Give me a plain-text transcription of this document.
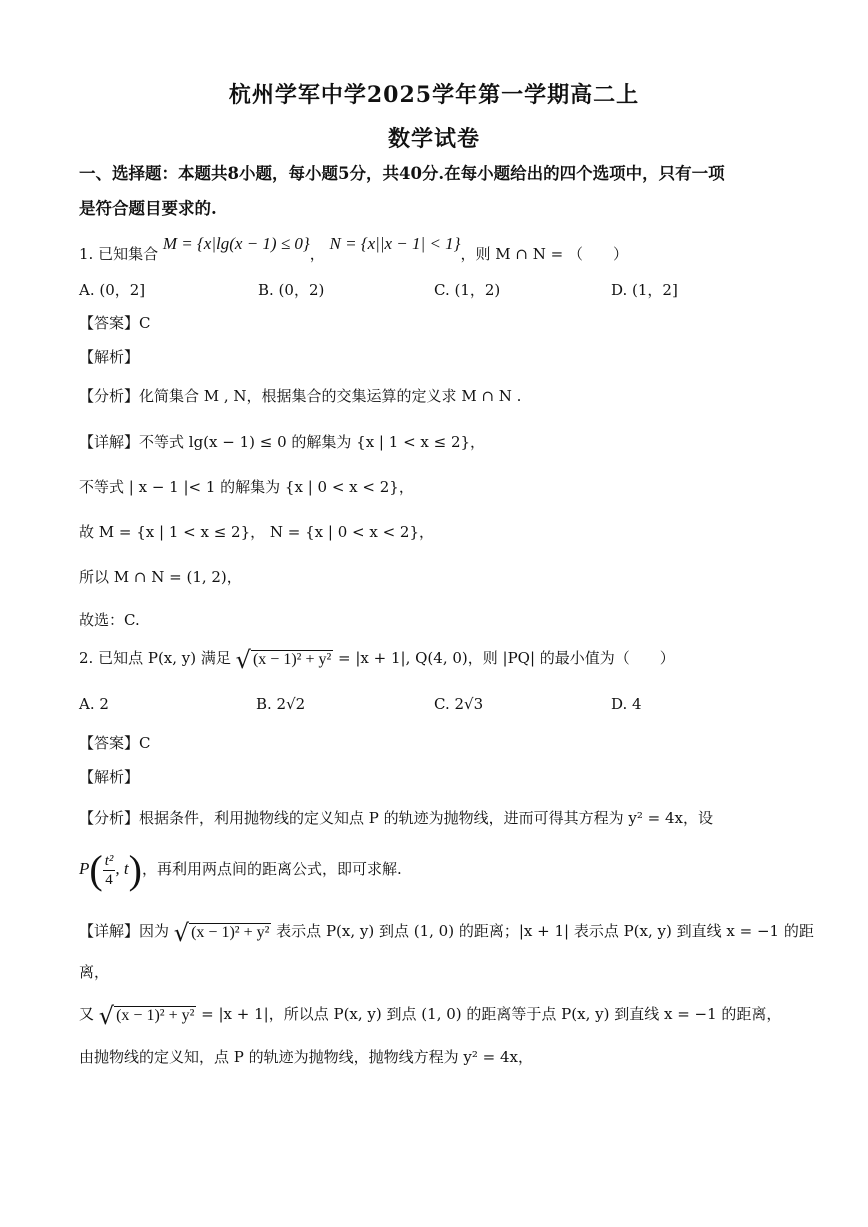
杭州学军中学2025学年第一学期高二上
数学试卷
一、选择题：本题共8小题，每小题5分，共40分.在每小题给出的四个选项中，只有一项
是符合题目要求的.
1. 已知集合 M = {x|lg(x − 1) ≤ 0}， N = {x||x − 1| < 1}，则 M ∩ N = （　　）
A. (0，2]	B. (0，2)	C. (1，2)	D. (1，2]
【答案】C
【解析】
【分析】化简集合 M , N，根据集合的交集运算的定义求 M ∩ N .
【详解】不等式 lg(x − 1) ≤ 0 的解集为 {x | 1 < x ≤ 2}，
不等式 | x − 1 |< 1 的解集为 {x | 0 < x < 2}，
故 M = {x | 1 < x ≤ 2}， N = {x | 0 < x < 2}，
所以 M ∩ N = (1, 2)，
故选：C.
2. 已知点 P(x, y) 满足 √ (x − 1)² + y² = |x + 1|, Q(4, 0)，则 |PQ| 的最小值为（　　）
A. 2	B. 2√2	C. 2√3	D. 4
【答案】C
【解析】
【分析】根据条件，利用抛物线的定义知点 P 的轨迹为抛物线，进而可得其方程为 y² = 4x，设
$P( \frac{\text{t²}}{4}$ , t)，再利用两点间的距离公式，即可求解.
【详解】因为 √ (x − 1)² + y² 表示点 P(x, y) 到点 (1, 0) 的距离；|x + 1| 表示点 P(x, y) 到直线 x = −1 的距
离，
又 √ (x − 1)² + y² = |x + 1|，所以点 P(x, y) 到点 (1, 0) 的距离等于点 P(x, y) 到直线 x = −1 的距离，
由抛物线的定义知，点 P 的轨迹为抛物线，抛物线方程为 y² = 4x，
